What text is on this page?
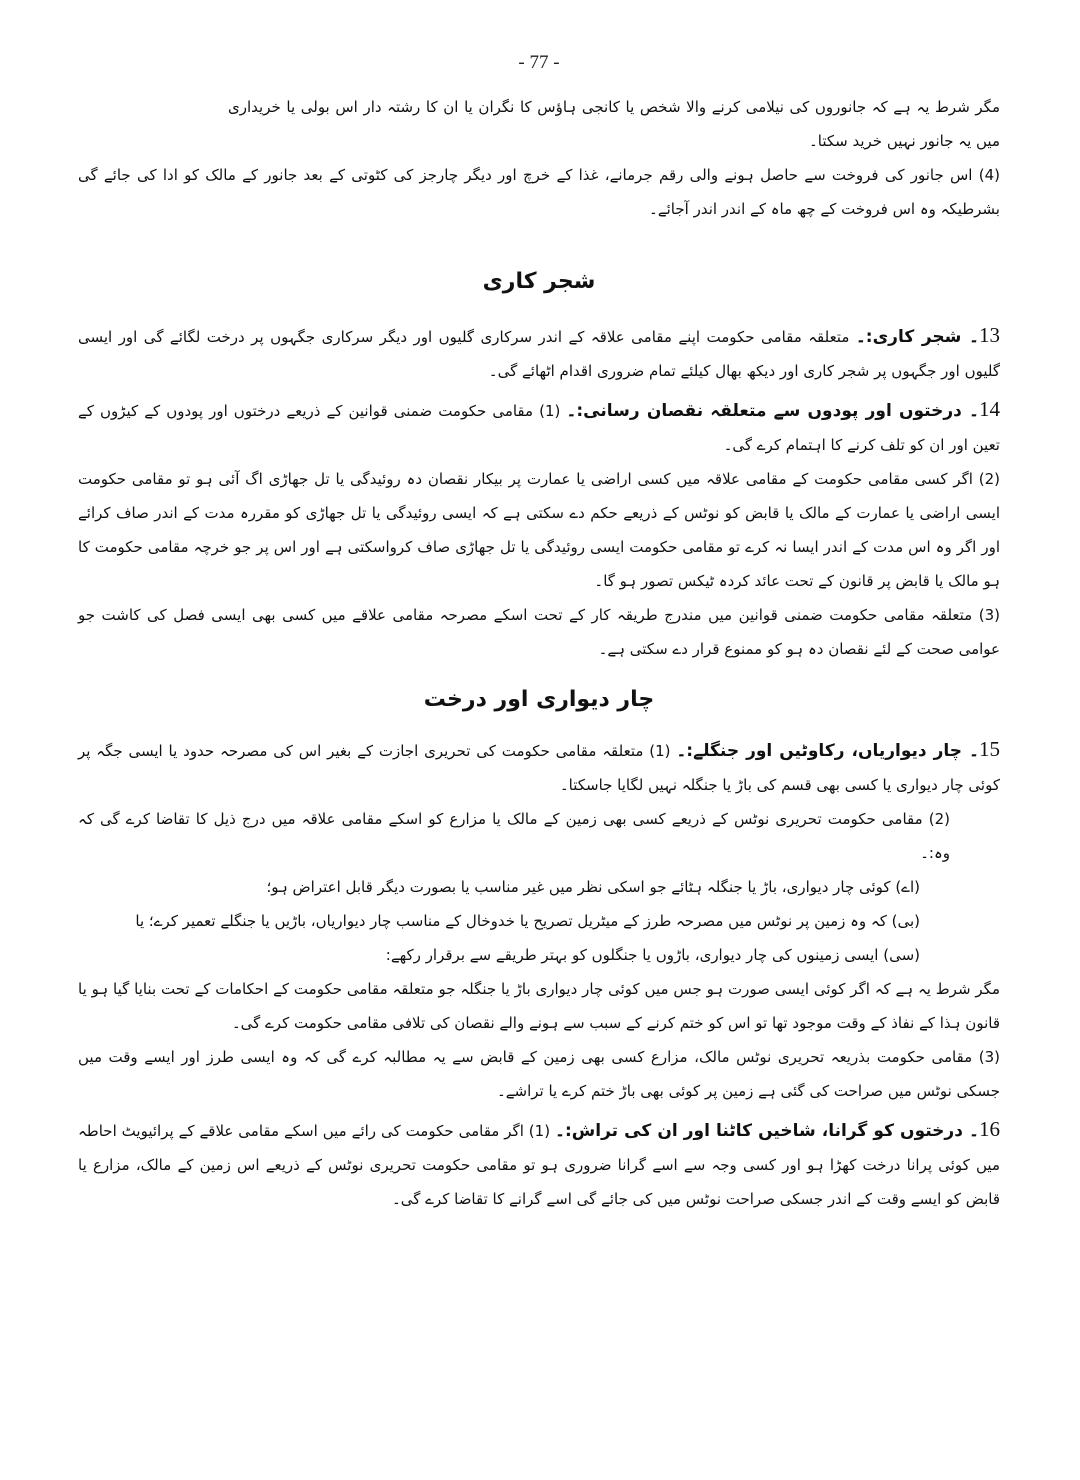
- 77 -

مگر شرط یہ ہے کہ جانوروں کی نیلامی کرنے والا شخص یا کانجی ہاؤس کا نگران یا ان کا رشتہ دار اس بولی یا خریداری میں یہ جانور نہیں خرید سکتا۔

(4) اس جانور کی فروخت سے حاصل ہونے والی رقم جرمانے، غذا کے خرچ اور دیگر چارجز کی کٹوتی کے بعد جانور کے مالک کو ادا کی جائے گی بشرطیکہ وہ اس فروخت کے چھ ماہ کے اندر اندر آجائے۔

شجر کاری

13۔ شجر کاری:۔ متعلقہ مقامی حکومت اپنے مقامی علاقہ کے اندر سرکاری گلیوں اور دیگر سرکاری جگہوں پر درخت لگائے گی اور ایسی گلیوں اور جگہوں پر شجر کاری اور دیکھ بھال کیلئے تمام ضروری اقدام اٹھائے گی۔

14۔ درختوں اور پودوں سے متعلقہ نقصان رسانی:۔ (1) مقامی حکومت ضمنی قوانین کے ذریعے درختوں اور پودوں کے کیڑوں کے تعین اور ان کو تلف کرنے کا اہتمام کرے گی۔

(2) اگر کسی مقامی حکومت کے مقامی علاقہ میں کسی اراضی یا عمارت پر بیکار نقصان دہ روئیدگی یا تل جھاڑی اگ آئی ہو تو مقامی حکومت ایسی اراضی یا عمارت کے مالک یا قابض کو نوٹس کے ذریعے حکم دے سکتی ہے کہ ایسی روئیدگی یا تل جھاڑی کو مقررہ مدت کے اندر صاف کرائے اور اگر وہ اس مدت کے اندر ایسا نہ کرے تو مقامی حکومت ایسی روئیدگی یا تل جھاڑی صاف کرواسکتی ہے اور اس پر جو خرچہ مقامی حکومت کا ہو مالک یا قابض پر قانون کے تحت عائد کردہ ٹیکس تصور ہو گا۔

(3) متعلقہ مقامی حکومت ضمنی قوانین میں مندرج طریقہ کار کے تحت اسکے مصرحہ مقامی علاقے میں کسی بھی ایسی فصل کی کاشت جو عوامی صحت کے لئے نقصان دہ ہو کو ممنوع قرار دے سکتی ہے۔

چار دیواری اور درخت

15۔ چار دیواریاں، رکاوٹیں اور جنگلے:۔ (1) متعلقہ مقامی حکومت کی تحریری اجازت کے بغیر اس کی مصرحہ حدود یا ایسی جگہ پر کوئی چار دیواری یا کسی بھی قسم کی باڑ یا جنگلہ نہیں لگایا جاسکتا۔

(2) مقامی حکومت تحریری نوٹس کے ذریعے کسی بھی زمین کے مالک یا مزارع کو اسکے مقامی علاقہ میں درج ذیل کا تقاضا کرے گی کہ وہ:۔

(اے) کوئی چار دیواری، باڑ یا جنگلہ ہٹائے جو اسکی نظر میں غیر مناسب یا بصورت دیگر قابل اعتراض ہو؛

(بی) کہ وہ زمین پر نوٹس میں مصرحہ طرز کے میٹریل تصریح یا خدوخال کے مناسب چار دیواریاں، باڑیں یا جنگلے تعمیر کرے؛ یا

(سی) ایسی زمینوں کی چار دیواری، باڑوں یا جنگلوں کو بہتر طریقے سے برقرار رکھے:

مگر شرط یہ ہے کہ اگر کوئی ایسی صورت ہو جس میں کوئی چار دیواری باڑ یا جنگلہ جو متعلقہ مقامی حکومت کے احکامات کے تحت بنایا گیا ہو یا قانون ہذا کے نفاذ کے وقت موجود تھا تو اس کو ختم کرنے کے سبب سے ہونے والے نقصان کی تلافی مقامی حکومت کرے گی۔

(3) مقامی حکومت بذریعہ تحریری نوٹس مالک، مزارع کسی بھی زمین کے قابض سے یہ مطالبہ کرے گی کہ وہ ایسی طرز اور ایسے وقت میں جسکی نوٹس میں صراحت کی گئی ہے زمین پر کوئی بھی باڑ ختم کرے یا تراشے۔

16۔ درختوں کو گرانا، شاخیں کاٹنا اور ان کی تراش:۔ (1) اگر مقامی حکومت کی رائے میں اسکے مقامی علاقے کے پرائیویٹ احاطہ میں کوئی پرانا درخت کھڑا ہو اور کسی وجہ سے اسے گرانا ضروری ہو تو مقامی حکومت تحریری نوٹس کے ذریعے اس زمین کے مالک، مزارع یا قابض کو ایسے وقت کے اندر جسکی صراحت نوٹس میں کی جائے گی اسے گرانے کا تقاضا کرے گی۔
